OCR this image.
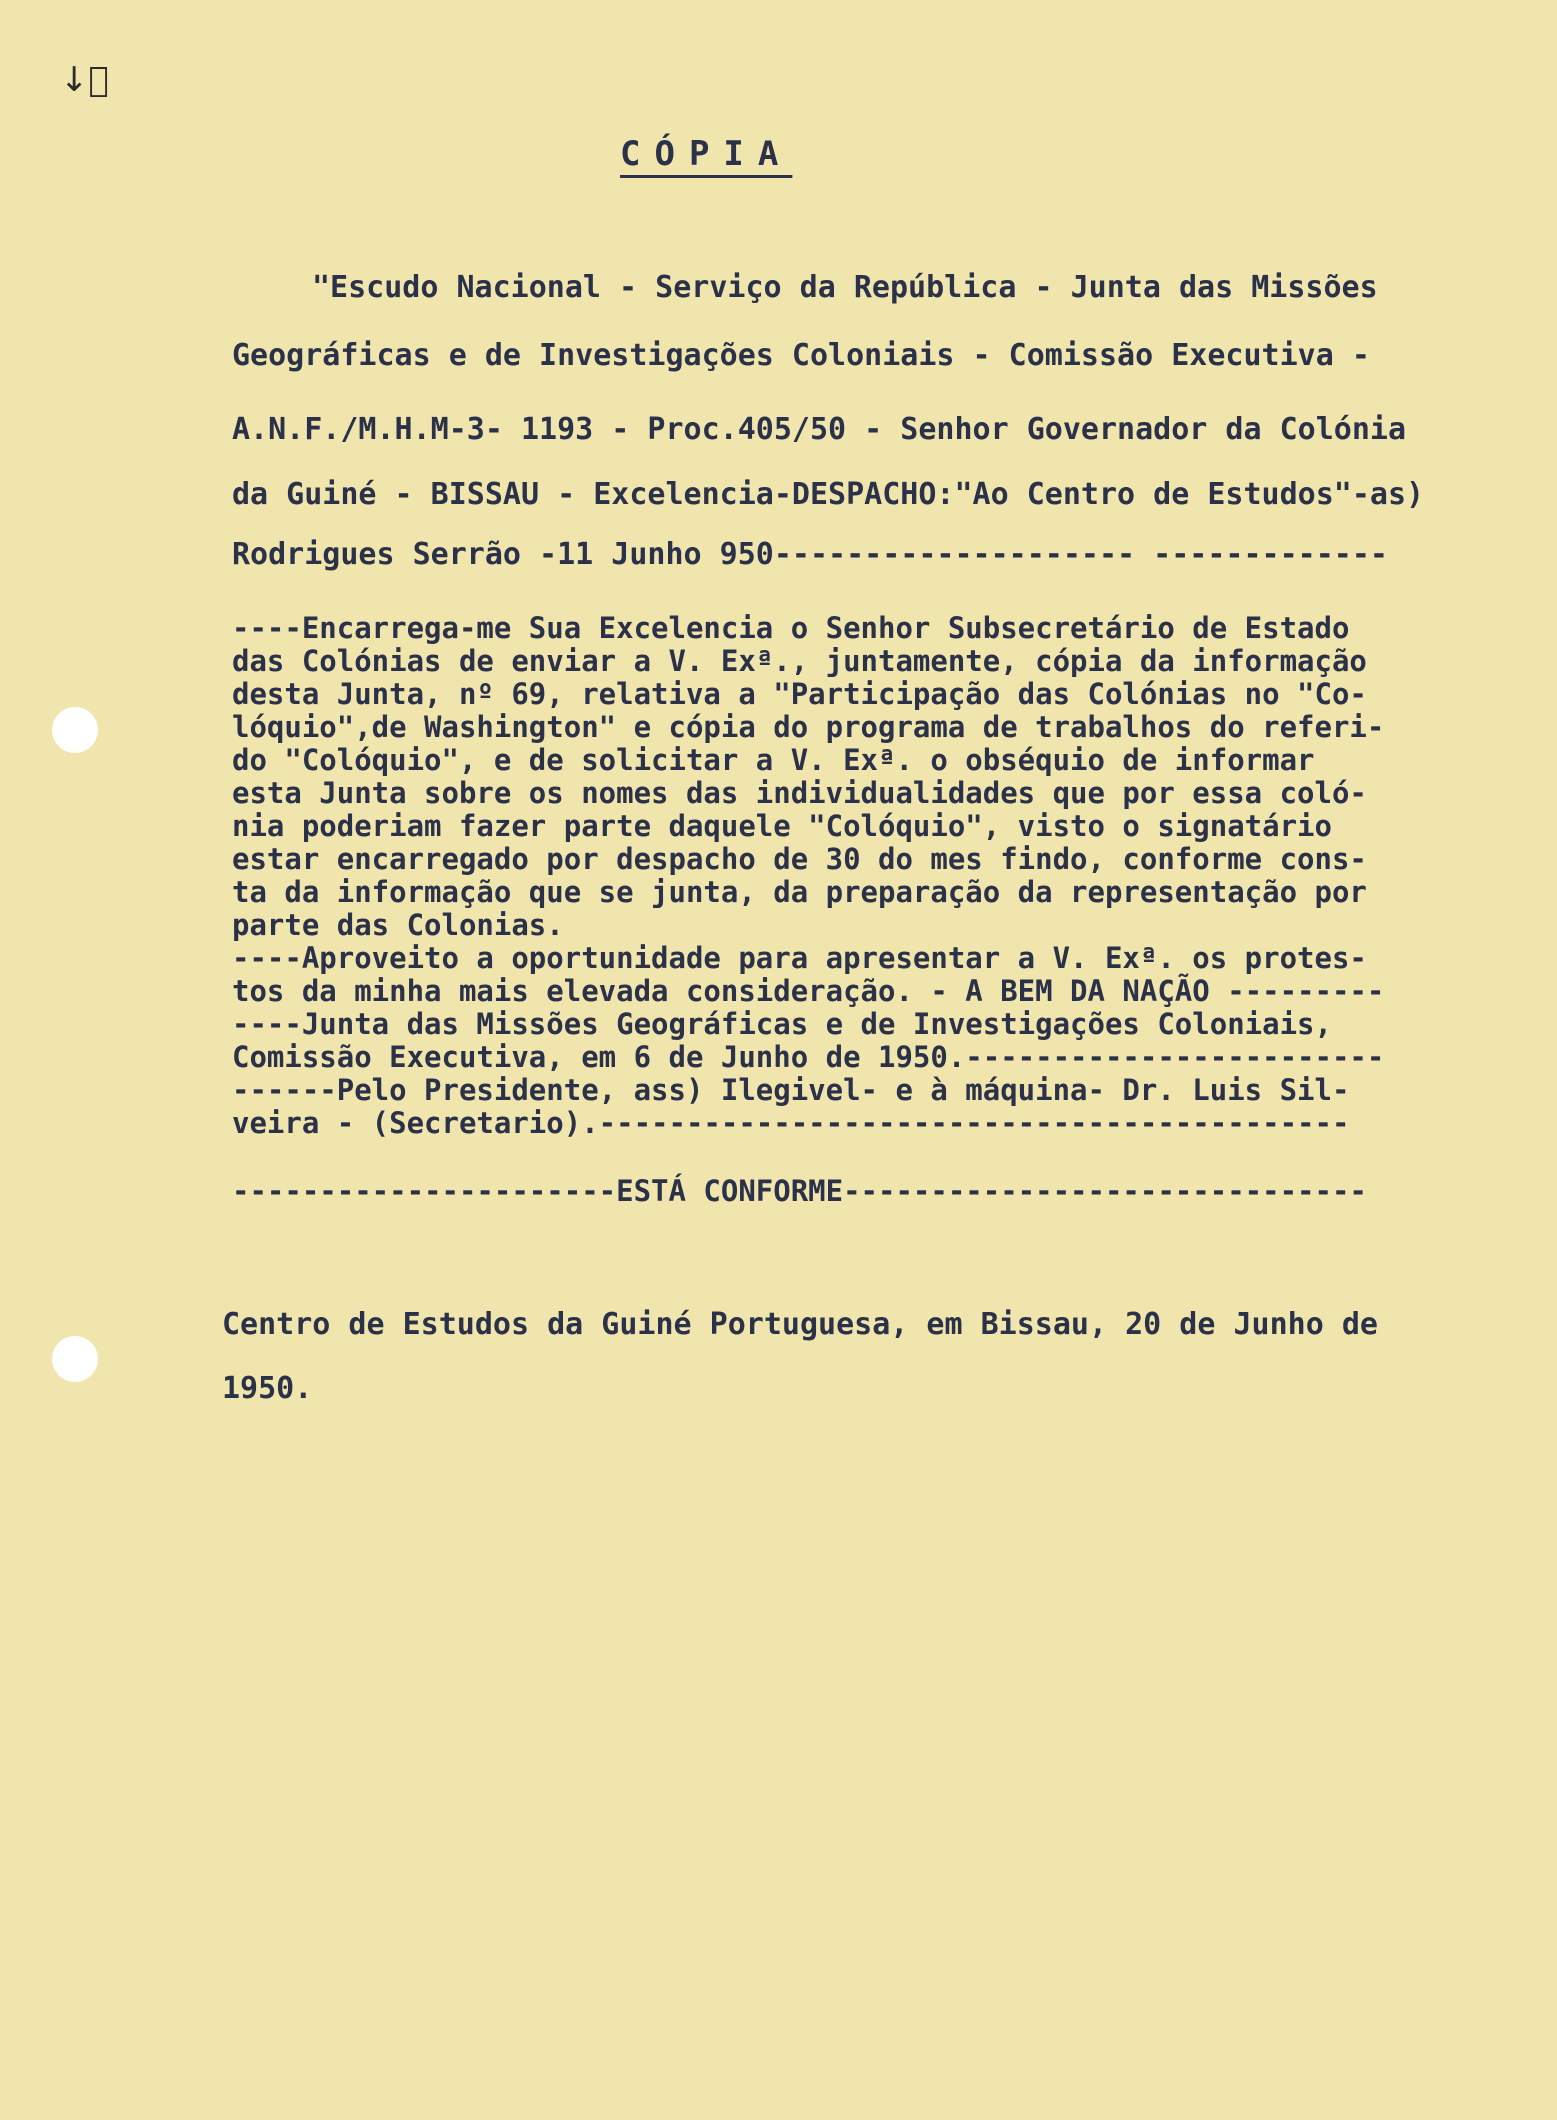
↓ॗ
CÓPIA
"Escudo Nacional - Serviço da República - Junta das Missões
Geográficas e de Investigações Coloniais - Comissão Executiva -
A.N.F./M.H.M-3- 1193 - Proc.405/50 - Senhor Governador da Colónia
da Guiné - BISSAU - Excelencia-DESPACHO:"Ao Centro de Estudos"-as)
Rodrigues Serrão -11 Junho 950-------------------- -------------
----Encarrega-me Sua Excelencia o Senhor Subsecretário de Estado
das Colónias de enviar a V. Exª., juntamente, cópia da informação
desta Junta, nº 69, relativa a "Participação das Colónias no "Co-
lóquio",de Washington" e cópia do programa de trabalhos do referi-
do "Colóquio", e de solicitar a V. Exª. o obséquio de informar
esta Junta sobre os nomes das individualidades que por essa coló-
nia poderiam fazer parte daquele "Colóquio", visto o signatário
estar encarregado por despacho de 30 do mes findo, conforme cons-
ta da informação que se junta, da preparação da representação por
parte das Colonias.
----Aproveito a oportunidade para apresentar a V. Exª. os protes-
tos da minha mais elevada consideração. - A BEM DA NAÇÃO ---------
----Junta das Missões Geográficas e de Investigações Coloniais,
Comissão Executiva, em 6 de Junho de 1950.------------------------
------Pelo Presidente, ass) Ilegivel- e à máquina- Dr. Luis Sil-
veira - (Secretario).-------------------------------------------
----------------------ESTÁ CONFORME------------------------------
Centro de Estudos da Guiné Portuguesa, em Bissau, 20 de Junho de
1950.
